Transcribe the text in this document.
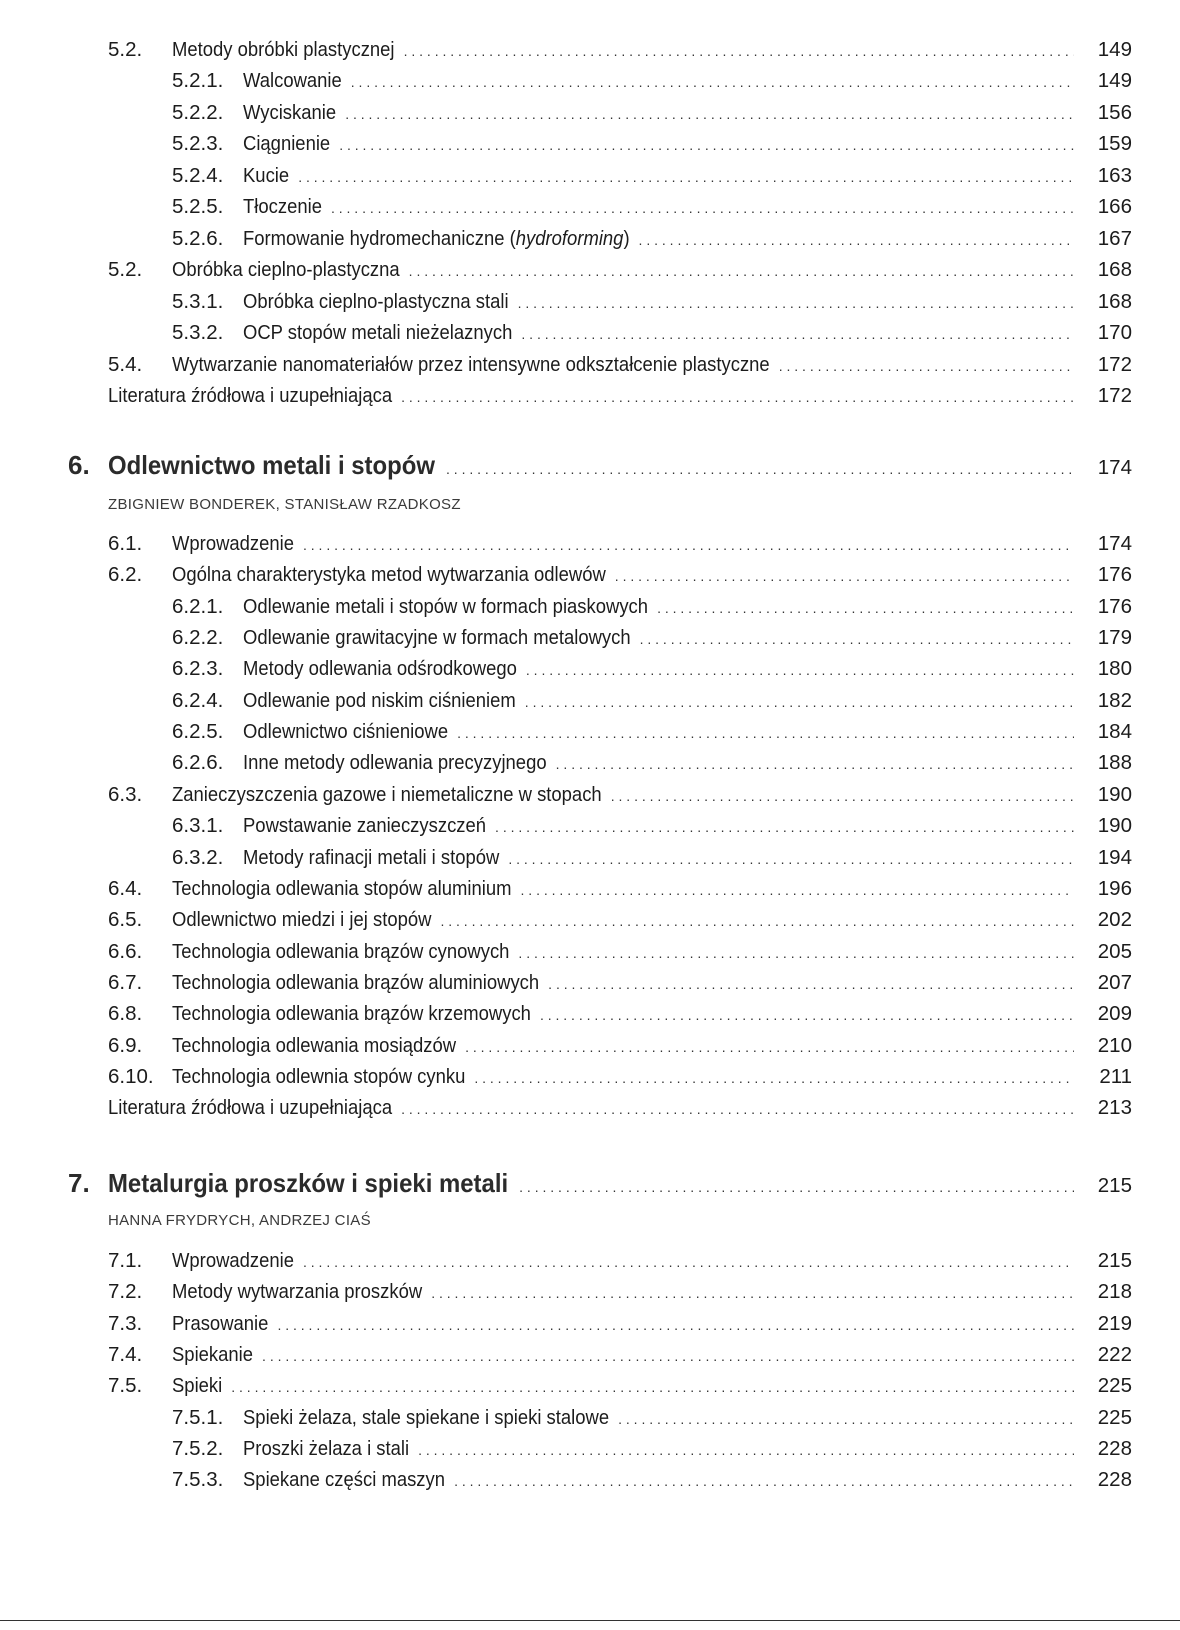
5.2. Metody obróbki plastycznej . . .	149
5.2.1. Walcowanie . . .	149
5.2.2. Wyciskanie . . .	156
5.2.3. Ciągnienie . . .	159
5.2.4. Kucie . . .	163
5.2.5. Tłoczenie . . .	166
5.2.6. Formowanie hydromechaniczne (hydroforming) . . .	167
5.2. Obróbka cieplno-plastyczna . . .	168
5.3.1. Obróbka cieplno-plastyczna stali . . .	168
5.3.2. OCP stopów metali nieżelaznych . . .	170
5.4. Wytwarzanie nanomateriałów przez intensywne odkształcenie plastyczne . . .	172
Literatura źródłowa i uzupełniająca . . .	172
6. Odlewnictwo metali i stopów . . .	174
ZBIGNIEW BONDEREK, STANISŁAW RZADKOSZ
6.1. Wprowadzenie . . .	174
6.2. Ogólna charakterystyka metod wytwarzania odlewów . . .	176
6.2.1. Odlewanie metali i stopów w formach piaskowych . . .	176
6.2.2. Odlewanie grawitacyjne w formach metalowych . . .	179
6.2.3. Metody odlewania odśrodkowego . . .	180
6.2.4. Odlewanie pod niskim ciśnieniem . . .	182
6.2.5. Odlewnictwo ciśnieniowe . . .	184
6.2.6. Inne metody odlewania precyzyjnego . . .	188
6.3. Zanieczyszczenia gazowe i niemetaliczne w stopach . . .	190
6.3.1. Powstawanie zanieczyszczeń . . .	190
6.3.2. Metody rafinacji metali i stopów . . .	194
6.4. Technologia odlewania stopów aluminium . . .	196
6.5. Odlewnictwo miedzi i jej stopów . . .	202
6.6. Technologia odlewania brązów cynowych . . .	205
6.7. Technologia odlewania brązów aluminiowych . . .	207
6.8. Technologia odlewania brązów krzemowych . . .	209
6.9. Technologia odlewania mosiądzów . . .	210
6.10. Technologia odlewnia stopów cynku . . .	211
Literatura źródłowa i uzupełniająca . . .	213
7. Metalurgia proszków i spieki metali . . .	215
HANNA FRYDRYCH, ANDRZEJ CIAŚ
7.1. Wprowadzenie . . .	215
7.2. Metody wytwarzania proszków . . .	218
7.3. Prasowanie . . .	219
7.4. Spiekanie . . .	222
7.5. Spieki . . .	225
7.5.1. Spieki żelaza, stale spiekane i spieki stalowe . . .	225
7.5.2. Proszki żelaza i stali . . .	228
7.5.3. Spiekane części maszyn . . .	228
